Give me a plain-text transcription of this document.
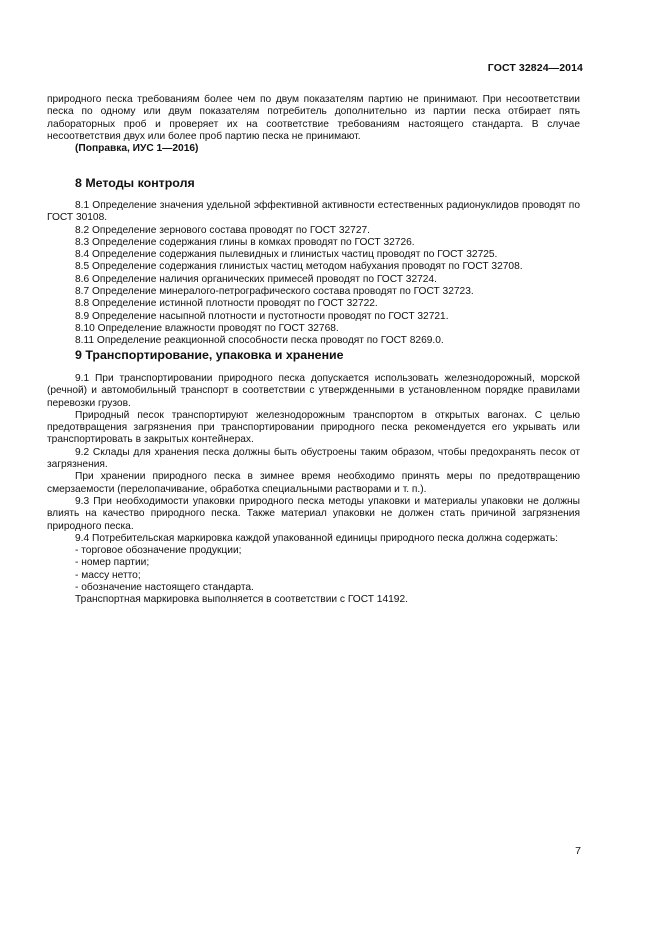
ГОСТ 32824—2014

природного песка требованиям более чем по двум показателям партию не принимают. При несоответствии песка по одному или двум показателям потребитель дополнительно из партии песка отбирает пять лабораторных проб и проверяет их на соответствие требованиям настоящего стандарта. В случае несоответствия двух или более проб партию песка не принимают.

(Поправка, ИУС 1—2016)

8 Методы контроля

8.1 Определение значения удельной эффективной активности естественных радионуклидов проводят по ГОСТ 30108.

8.2 Определение зернового состава проводят по ГОСТ 32727.

8.3 Определение содержания глины в комках проводят по ГОСТ 32726.

8.4 Определение содержания пылевидных и глинистых частиц проводят по ГОСТ 32725.

8.5 Определение содержания глинистых частиц методом набухания проводят по ГОСТ 32708.

8.6 Определение наличия органических примесей проводят по ГОСТ 32724.

8.7 Определение минералого-петрографического состава проводят по ГОСТ 32723.

8.8 Определение истинной плотности проводят по ГОСТ 32722.

8.9 Определение насыпной плотности и пустотности проводят по ГОСТ 32721.

8.10 Определение влажности проводят по ГОСТ 32768.

8.11 Определение реакционной способности песка проводят по ГОСТ 8269.0.

9 Транспортирование, упаковка и хранение

9.1 При транспортировании природного песка допускается использовать железнодорожный, морской (речной) и автомобильный транспорт в соответствии с утвержденными в установленном порядке правилами перевозки грузов.

Природный песок транспортируют железнодорожным транспортом в открытых вагонах. С целью предотвращения загрязнения при транспортировании природного песка рекомендуется его укрывать или транспортировать в закрытых контейнерах.

9.2 Склады для хранения песка должны быть обустроены таким образом, чтобы предохранять песок от загрязнения.

При хранении природного песка в зимнее время необходимо принять меры по предотвращению смерзаемости (перелопачивание, обработка специальными растворами и т. п.).

9.3 При необходимости упаковки природного песка методы упаковки и материалы упаковки не должны влиять на качество природного песка. Также материал упаковки не должен стать причиной загрязнения природного песка.

9.4 Потребительская маркировка каждой упакованной единицы природного песка должна содержать:

- торговое обозначение продукции;

- номер партии;

- массу нетто;

- обозначение настоящего стандарта.

Транспортная маркировка выполняется в соответствии с ГОСТ 14192.

7
